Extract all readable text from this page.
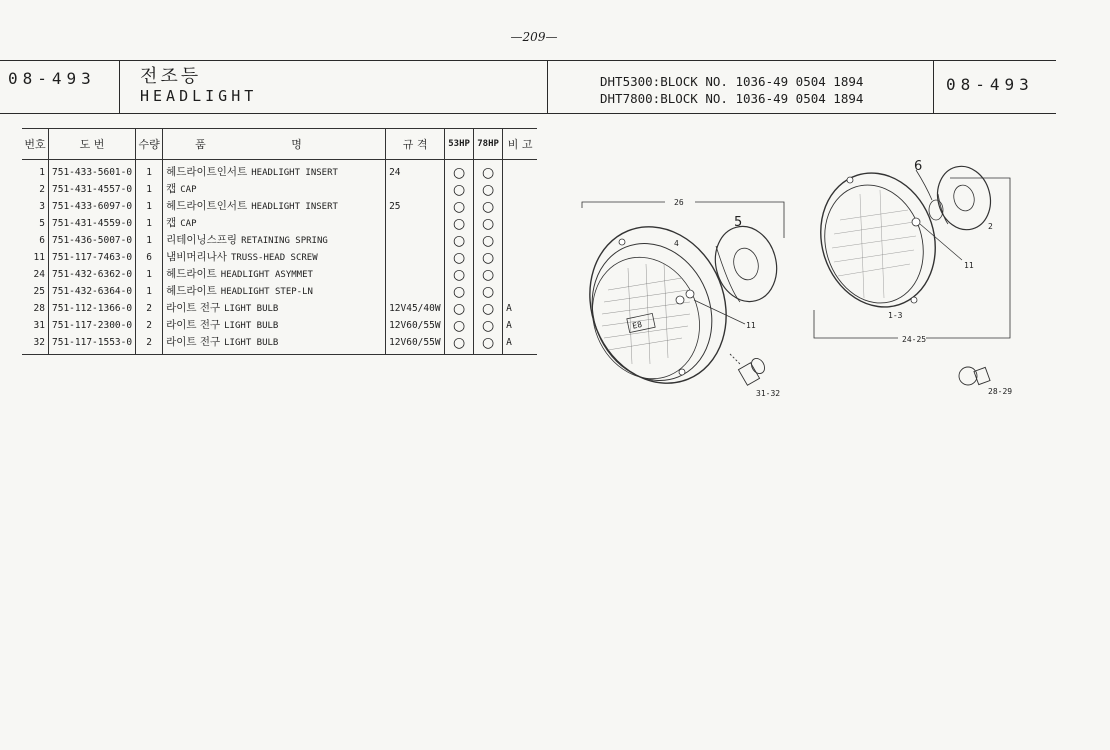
—209—
08-493	전조등
HEADLIGHT
DHT5300:BLOCK NO. 1036-49 0504 1894
DHT7800:BLOCK NO. 1036-49 0504 1894
08-493
번호	도 번	수량	품 명	규 격	53HP	78HP	비 고
1	751-433-5601-0	1	헤드라이트인서트 HEADLIGHT INSERT	24	○	○	
2	751-431-4557-0	1	캡 CAP		○	○	
3	751-433-6097-0	1	헤드라이트인서트 HEADLIGHT INSERT	25	○	○	
5	751-431-4559-0	1	캡 CAP		○	○	
6	751-436-5007-0	1	리테이닝스프링 RETAINING SPRING		○	○	
11	751-117-7463-0	6	냄비머리나사 TRUSS-HEAD SCREW		○	○	
24	751-432-6362-0	1	헤드라이트 HEADLIGHT ASYMMET		○	○	
25	751-432-6364-0	1	헤드라이트 HEADLIGHT STEP-LN		○	○	
28	751-112-1366-0	2	라이트 전구 LIGHT BULB	12V45/40W	○	○	A
31	751-117-2300-0	2	라이트 전구 LIGHT BULB	12V60/55W	○	○	A
32	751-117-1553-0	2	라이트 전구 LIGHT BULB	12V60/55W	○	○	A
26
E8	11
4
5
31-32
24-25
11
1-3
6
2
28-29
